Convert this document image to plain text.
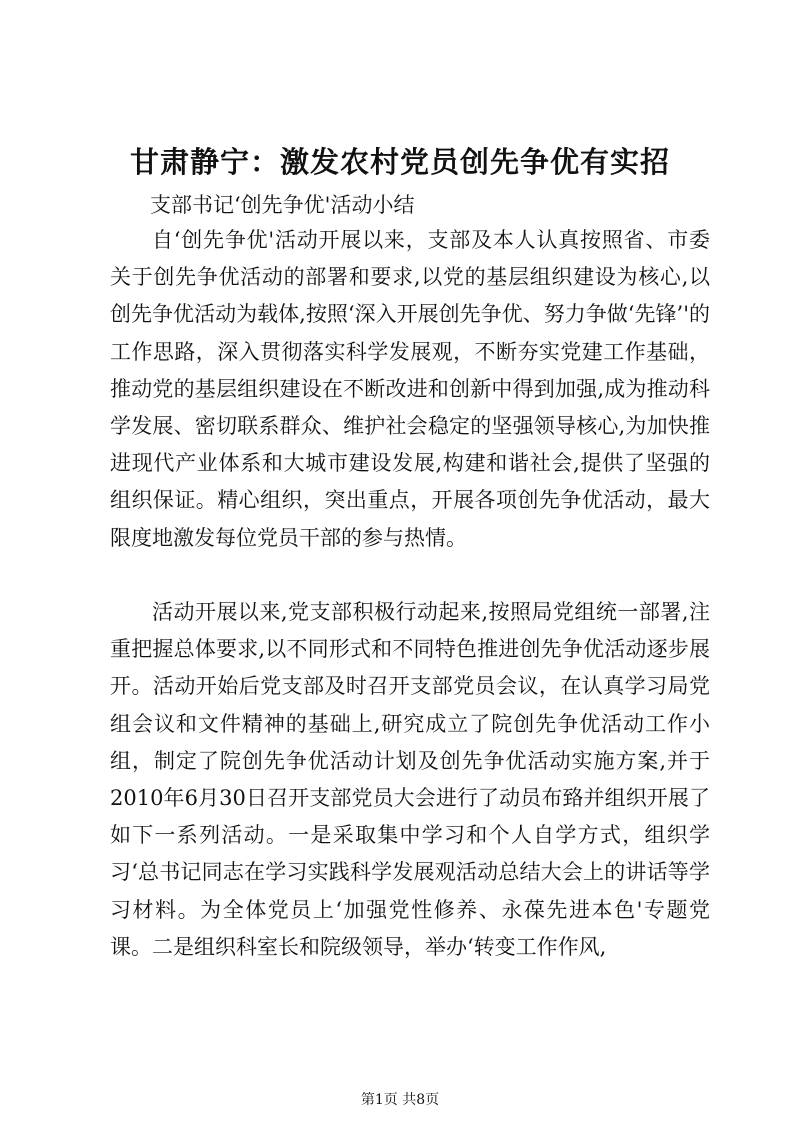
甘肃静宁：激发农村党员创先争优有实招
支部书记‘创先争优'活动小结

自‘创先争优'活动开展以来，支部及本人认真按照省、市委关于创先争优活动的部署和要求,以党的基层组织建设为核心,以创先争优活动为载体,按照‘深入开展创先争优、努力争做‘先锋’'的工作思路，深入贯彻落实科学发展观，不断夯实党建工作基础，推动党的基层组织建设在不断改进和创新中得到加强,成为推动科学发展、密切联系群众、维护社会稳定的坚强领导核心,为加快推进现代产业体系和大城市建设发展,构建和谐社会,提供了坚强的组织保证。精心组织，突出重点，开展各项创先争优活动，最大限度地激发每位党员干部的参与热情。

活动开展以来,党支部积极行动起来,按照局党组统一部署,注重把握总体要求,以不同形式和不同特色推进创先争优活动逐步展开。活动开始后党支部及时召开支部党员会议，在认真学习局党组会议和文件精神的基础上,研究成立了院创先争优活动工作小组，制定了院创先争优活动计划及创先争优活动实施方案,并于2010年6月30日召开支部党员大会进行了动员布臵并组织开展了如下一系列活动。一是采取集中学习和个人自学方式，组织学习‘总书记同志在学习实践科学发展观活动总结大会上的讲话等学习材料。为全体党员上‘加强党性修养、永葆先进本色'专题党课。二是组织科室长和院级领导，举办‘转变工作作风,

第1页 共8页
